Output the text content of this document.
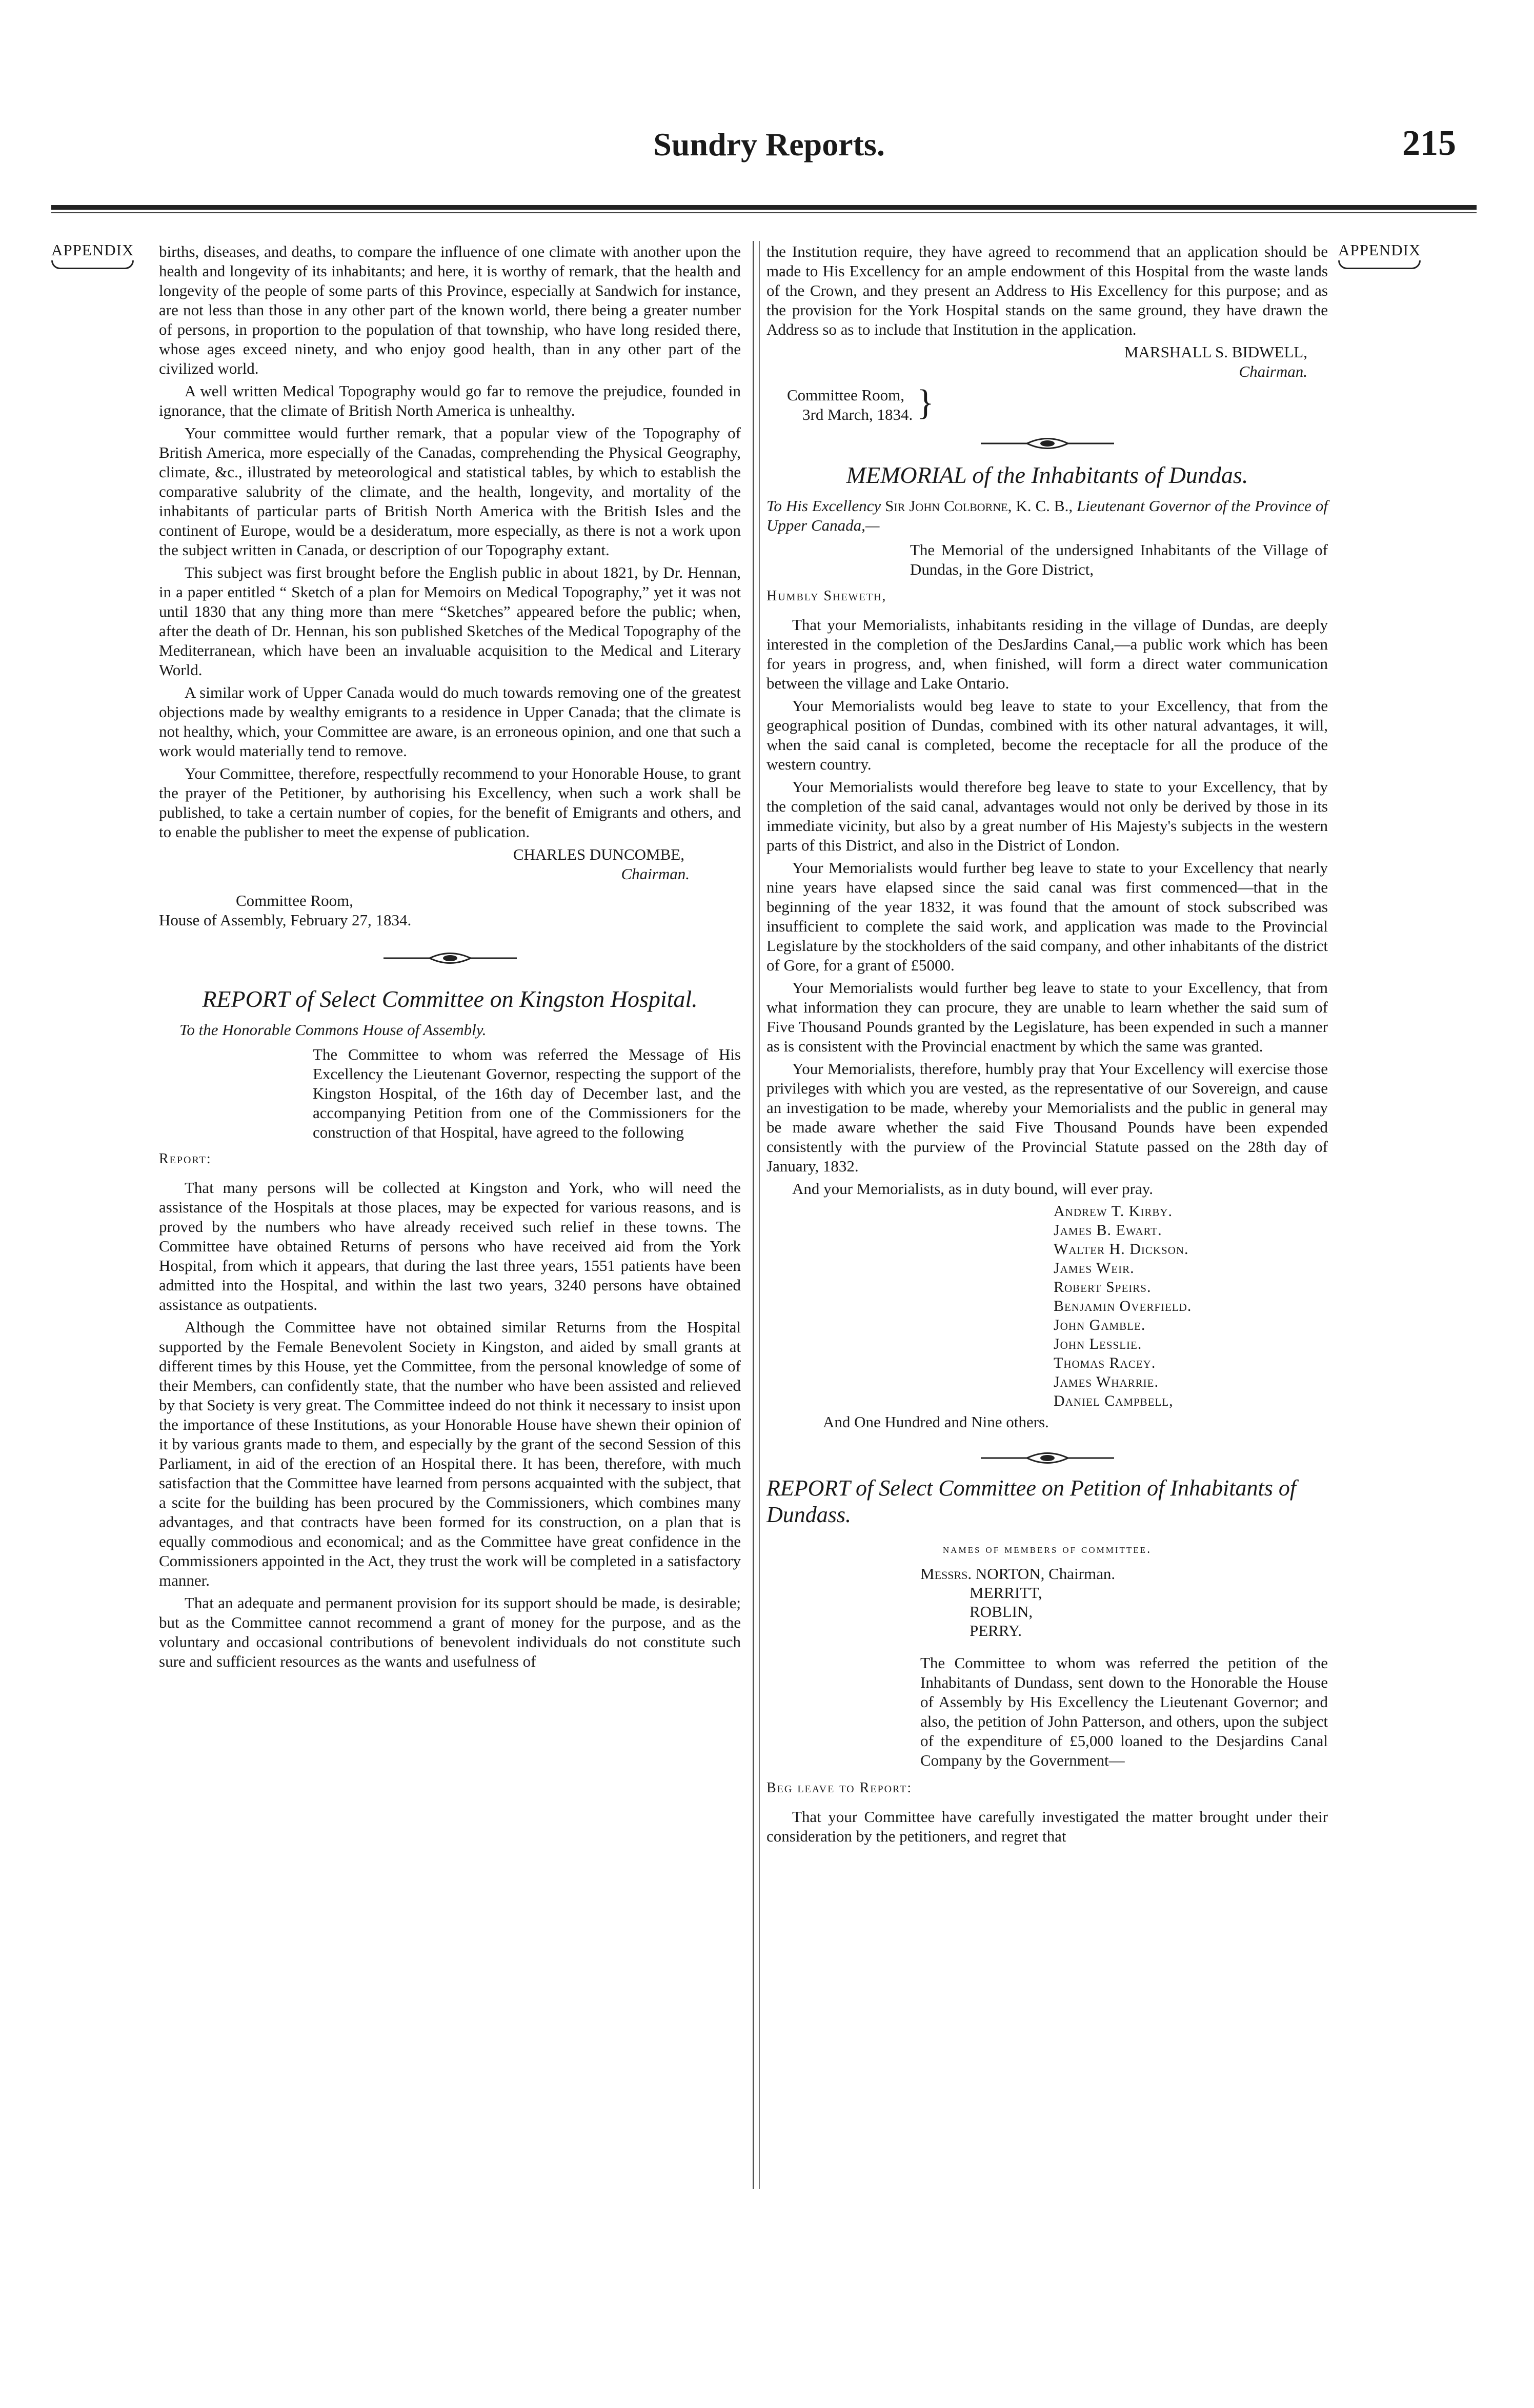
Sundry Reports.	215
APPENDIX	APPENDIX

births, diseases, and deaths, to compare the influence of one climate with another upon the health and longevity of its inhabitants; and here, it is worthy of remark, that the health and longevity of the people of some parts of this Province, especially at Sandwich for instance, are not less than those in any other part of the known world, there being a greater number of persons, in proportion to the population of that township, who have long resided there, whose ages exceed ninety, and who enjoy good health, than in any other part of the civilized world.

A well written Medical Topography would go far to remove the prejudice, founded in ignorance, that the climate of British North America is unhealthy.

Your committee would further remark, that a popular view of the Topography of British America, more especially of the Canadas, comprehending the Physical Geography, climate, &c., illustrated by meteorological and statistical tables, by which to establish the comparative salubrity of the climate, and the health, longevity, and mortality of the inhabitants of particular parts of British North America with the British Isles and the continent of Europe, would be a desideratum, more especially, as there is not a work upon the subject written in Canada, or description of our Topography extant.

This subject was first brought before the English public in about 1821, by Dr. Hennan, in a paper entitled “ Sketch of a plan for Memoirs on Medical Topography,” yet it was not until 1830 that any thing more than mere “Sketches” appeared before the public; when, after the death of Dr. Hennan, his son published Sketches of the Medical Topography of the Mediterranean, which have been an invaluable acquisition to the Medical and Literary World.

A similar work of Upper Canada would do much towards removing one of the greatest objections made by wealthy emigrants to a residence in Upper Canada; that the climate is not healthy, which, your Committee are aware, is an erroneous opinion, and one that such a work would materially tend to remove.

Your Committee, therefore, respectfully recommend to your Honorable House, to grant the prayer of the Petitioner, by authorising his Excellency, when such a work shall be published, to take a certain number of copies, for the benefit of Emigrants and others, and to enable the publisher to meet the expense of publication.

CHARLES DUNCOMBE,
Chairman.
Committee Room,
House of Assembly, February 27, 1834.
REPORT of Select Committee on Kingston Hospital.
To the Honorable Commons House of Assembly.
The Committee to whom was referred the Message of His Excellency the Lieutenant Governor, respecting the support of the Kingston Hospital, of the 16th day of December last, and the accompanying Petition from one of the Commissioners for the construction of that Hospital, have agreed to the following
Report:

That many persons will be collected at Kingston and York, who will need the assistance of the Hospitals at those places, may be expected for various reasons, and is proved by the numbers who have already received such relief in these towns. The Committee have obtained Returns of persons who have received aid from the York Hospital, from which it appears, that during the last three years, 1551 patients have been admitted into the Hospital, and within the last two years, 3240 persons have obtained assistance as outpatients.

Although the Committee have not obtained similar Returns from the Hospital supported by the Female Benevolent Society in Kingston, and aided by small grants at different times by this House, yet the Committee, from the personal knowledge of some of their Members, can confidently state, that the number who have been assisted and relieved by that Society is very great. The Committee indeed do not think it necessary to insist upon the importance of these Institutions, as your Honorable House have shewn their opinion of it by various grants made to them, and especially by the grant of the second Session of this Parliament, in aid of the erection of an Hospital there. It has been, therefore, with much satisfaction that the Committee have learned from persons acquainted with the subject, that a scite for the building has been procured by the Commissioners, which combines many advantages, and that contracts have been formed for its construction, on a plan that is equally commodious and economical; and as the Committee have great confidence in the Commissioners appointed in the Act, they trust the work will be completed in a satisfactory manner.

That an adequate and permanent provision for its support should be made, is desirable; but as the Committee cannot recommend a grant of money for the purpose, and as the voluntary and occasional contributions of benevolent individuals do not constitute such sure and sufficient resources as the wants and usefulness of

the Institution require, they have agreed to recommend that an application should be made to His Excellency for an ample endowment of this Hospital from the waste lands of the Crown, and they present an Address to His Excellency for this purpose; and as the provision for the York Hospital stands on the same ground, they have drawn the Address so as to include that Institution in the application.

MARSHALL S. BIDWELL,
Chairman.
Committee Room,
3rd March, 1834. }
MEMORIAL of the Inhabitants of Dundas.
To His Excellency Sir John Colborne, K. C. B., Lieutenant Governor of the Province of Upper Canada,—
The Memorial of the undersigned Inhabitants of the Village of Dundas, in the Gore District,
Humbly Sheweth,

That your Memorialists, inhabitants residing in the village of Dundas, are deeply interested in the completion of the DesJardins Canal,—a public work which has been for years in progress, and, when finished, will form a direct water communication between the village and Lake Ontario.

Your Memorialists would beg leave to state to your Excellency, that from the geographical position of Dundas, combined with its other natural advantages, it will, when the said canal is completed, become the receptacle for all the produce of the western country.

Your Memorialists would therefore beg leave to state to your Excellency, that by the completion of the said canal, advantages would not only be derived by those in its immediate vicinity, but also by a great number of His Majesty's subjects in the western parts of this District, and also in the District of London.

Your Memorialists would further beg leave to state to your Excellency that nearly nine years have elapsed since the said canal was first commenced—that in the beginning of the year 1832, it was found that the amount of stock subscribed was insufficient to complete the said work, and application was made to the Provincial Legislature by the stockholders of the said company, and other inhabitants of the district of Gore, for a grant of £5000.

Your Memorialists would further beg leave to state to your Excellency, that from what information they can procure, they are unable to learn whether the said sum of Five Thousand Pounds granted by the Legislature, has been expended in such a manner as is consistent with the Provincial enactment by which the same was granted.

Your Memorialists, therefore, humbly pray that Your Excellency will exercise those privileges with which you are vested, as the representative of our Sovereign, and cause an investigation to be made, whereby your Memorialists and the public in general may be made aware whether the said Five Thousand Pounds have been expended consistently with the purview of the Provincial Statute passed on the 28th day of January, 1832.

And your Memorialists, as in duty bound, will ever pray.

Andrew T. Kirby.
James B. Ewart.
Walter H. Dickson.
James Weir.
Robert Speirs.
Benjamin Overfield.
John Gamble.
John Lesslie.
Thomas Racey.
James Wharrie.
Daniel Campbell,
And One Hundred and Nine others.
REPORT of Select Committee on Petition of Inhabitants of Dundass.
names of members of committee.
Messrs. NORTON, Chairman.
MERRITT,
ROBLIN,
PERRY.
The Committee to whom was referred the petition of the Inhabitants of Dundass, sent down to the Honorable the House of Assembly by His Excellency the Lieutenant Governor; and also, the petition of John Patterson, and others, upon the subject of the expenditure of £5,000 loaned to the Desjardins Canal Company by the Government—
Beg leave to Report:

That your Committee have carefully investigated the matter brought under their consideration by the petitioners, and regret that
